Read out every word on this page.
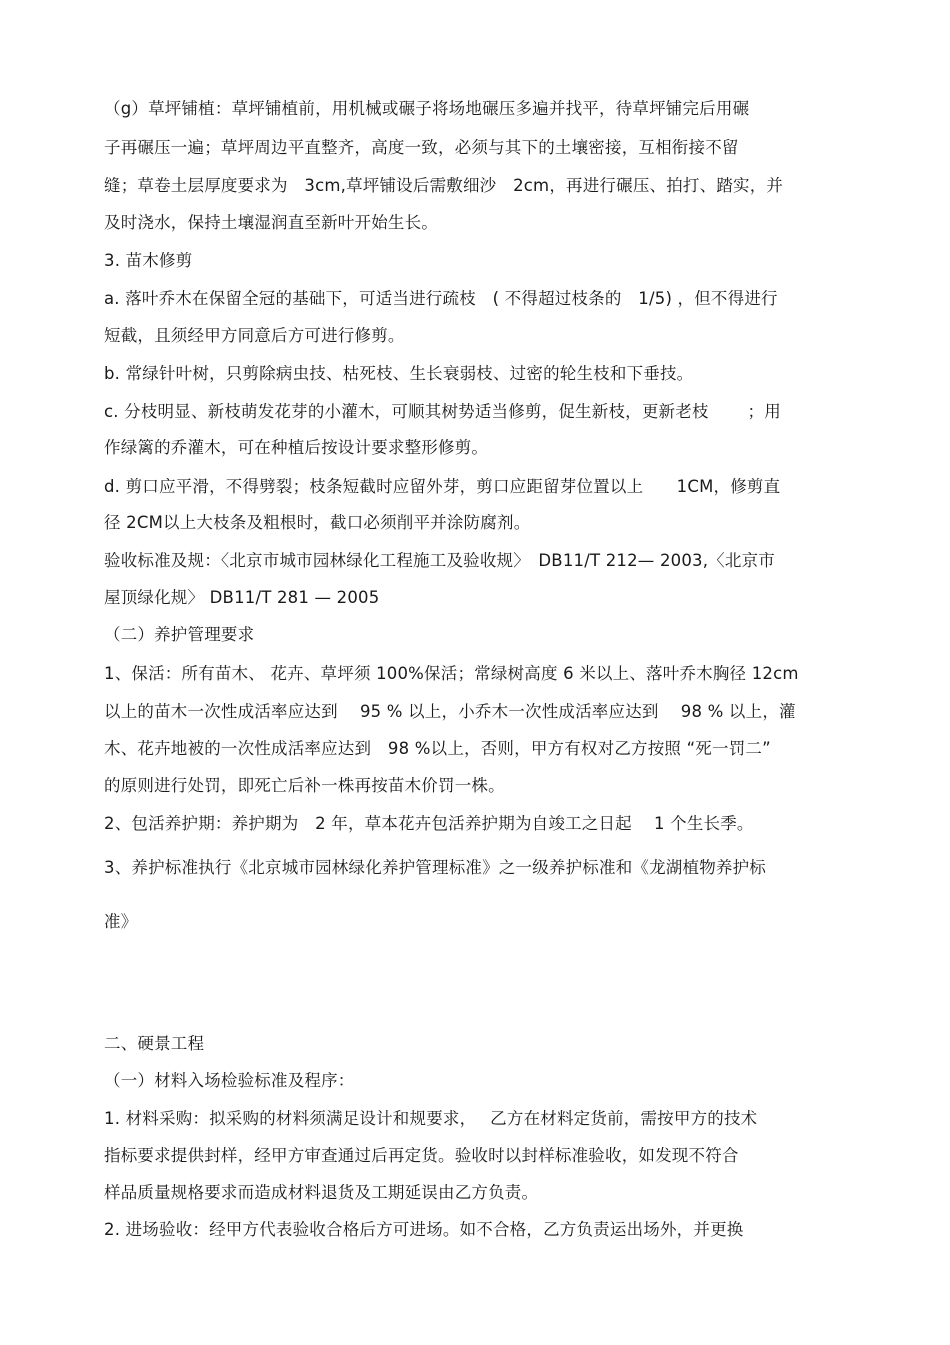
（g）草坪铺植：草坪铺植前，用机械或碾子将场地碾压多遍并找平，待草坪铺完后用碾
子再碾压一遍；草坪周边平直整齐，高度一致，必须与其下的土壤密接，互相衔接不留
缝；草卷土层厚度要求为　3cm,草坪铺设后需敷细沙　2cm，再进行碾压、拍打、踏实，并
及时浇水，保持土壤湿润直至新叶开始生长。
3. 苗木修剪
a. 落叶乔木在保留全冠的基础下，可适当进行疏枝　( 不得超过枝条的　1/5) ，但不得进行
短截，且须经甲方同意后方可进行修剪。
b. 常绿针叶树，只剪除病虫技、枯死枝、生长衰弱枝、过密的轮生枝和下垂技。
c. 分枝明显、新枝萌发花芽的小灌木，可顺其树势适当修剪，促生新枝，更新老枝　　 ；用
作绿篱的乔灌木，可在种植后按设计要求整形修剪。
d. 剪口应平滑，不得劈裂；枝条短截时应留外芽，剪口应距留芽位置以上　　1CM，修剪直
径 2CM以上大枝条及粗根时，截口必须削平并涂防腐剂。
验收标准及规：〈北京市城市园林绿化工程施工及验收规〉　DB11/T 212— 2003,〈北京市
屋顶绿化规〉 DB11/T 281 — 2005
（二）养护管理要求
1、保活：所有苗木、 花卉、草坪须 100%保活；常绿树高度 6 米以上、落叶乔木胸径 12cm
以上的苗木一次性成活率应达到　 95 % 以上，小乔木一次性成活率应达到　 98 % 以上，灌
木、花卉地被的一次性成活率应达到　98 %以上，否则，甲方有权对乙方按照 “死一罚二”
的原则进行处罚，即死亡后补一株再按苗木价罚一株。
2、包活养护期：养护期为　2 年，草本花卉包活养护期为自竣工之日起　 1 个生长季。
3、养护标准执行《北京城市园林绿化养护管理标准》之一级养护标准和《龙湖植物养护标
准》
二、硬景工程
（一）材料入场检验标准及程序：
1. 材料采购：拟采购的材料须满足设计和规要求，　 乙方在材料定货前，需按甲方的技术
指标要求提供封样，经甲方审查通过后再定货。验收时以封样标准验收，如发现不符合
样品质量规格要求而造成材料退货及工期延误由乙方负责。
2. 进场验收：经甲方代表验收合格后方可进场。如不合格，乙方负责运出场外，并更换
